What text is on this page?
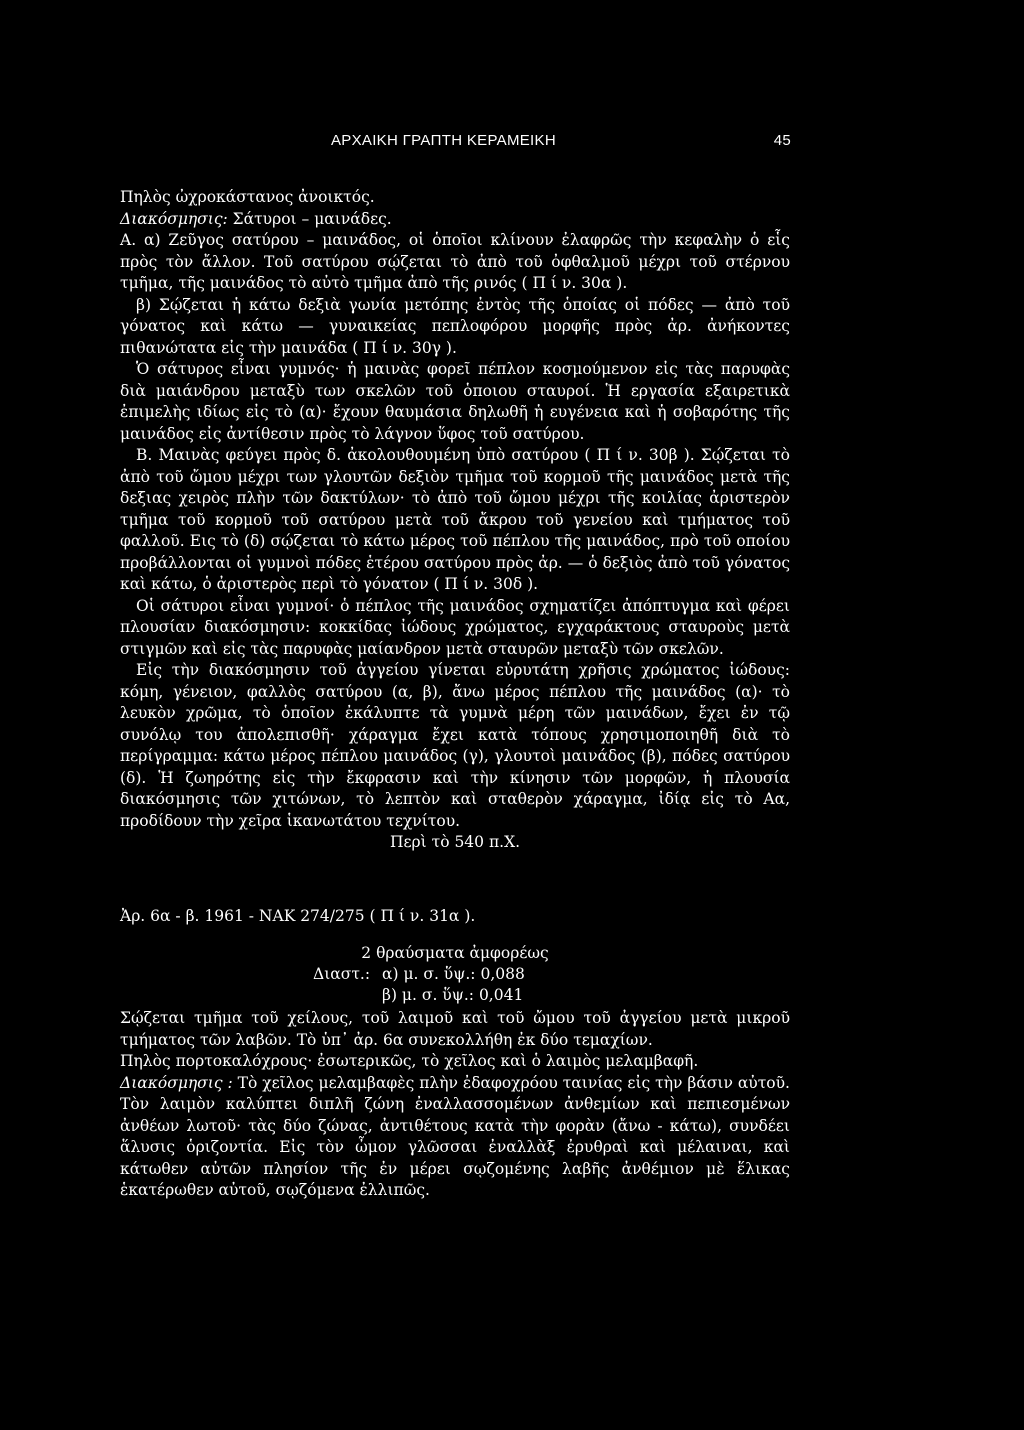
ΑΡΧΑΙΚΗ ΓΡΑΠΤΗ ΚΕΡΑΜΕΙΚΗ	45

Πηλὸς ὠχροκάστανος ἀνοικτός.

Διακόσμησις: Σάτυροι – μαινάδες.

Α. α) Ζεῦγος σατύρου – μαινάδος, οἱ ὁποῖοι κλίνουν ἐλαφρῶς τὴν κεφαλὴν ὁ εἷς πρὸς τὸν ἄλλον. Τοῦ σατύρου σῴζεται τὸ ἀπὸ τοῦ ὀφθαλμοῦ μέχρι τοῦ στέρνου τμῆμα, τῆς μαινάδος τὸ αὐτὸ τμῆμα ἀπὸ τῆς ρινός ( Π ί ν. 30α ).

β) Σῴζεται ἡ κάτω δεξιὰ γωνία μετόπης ἐντὸς τῆς ὁποίας οἱ πόδες — ἀπὸ τοῦ γόνατος καὶ κάτω — γυναικείας πεπλοφόρου μορφῆς πρὸς ἀρ. ἀνήκοντες πιθανώτατα εἰς τὴν μαινάδα ( Π ί ν. 30γ ).

Ὁ σάτυρος εἶναι γυμνός· ἡ μαινὰς φορεῖ πέπλον κοσμούμενον εἰς τὰς παρυφὰς διὰ μαιάνδρου μεταξὺ των σκελῶν τοῦ ὁποιου σταυροί. Ἡ εργασία εξαιρετικὰ ἐπιμελὴς ιδίως εἰς τὸ (α)· ἔχουν θαυμάσια δηλωθῆ ἡ ευγένεια καὶ ἡ σοβαρότης τῆς μαινάδος εἰς ἀντίθεσιν πρὸς τὸ λάγνον ὕφος τοῦ σατύρου.

Β. Μαινὰς φεύγει πρὸς δ. ἀκολουθουμένη ὑπὸ σατύρου ( Π ί ν. 30β ). Σῴζεται τὸ ἀπὸ τοῦ ὤμου μέχρι των γλουτῶν δεξιὸν τμῆμα τοῦ κορμοῦ τῆς μαινάδος μετὰ τῆς δεξιας χειρὸς πλὴν τῶν δακτύλων· τὸ ἀπὸ τοῦ ὤμου μέχρι τῆς κοιλίας ἀριστερὸν τμῆμα τοῦ κορμοῦ τοῦ σατύρου μετὰ τοῦ ἄκρου τοῦ γενείου καὶ τμήματος τοῦ φαλλοῦ. Εις τὸ (δ) σῴζεται τὸ κάτω μέρος τοῦ πέπλου τῆς μαινάδος, πρὸ τοῦ οποίου προβάλλονται οἱ γυμνοὶ πόδες ἑτέρου σατύρου πρὸς ἀρ. — ὁ δεξιὸς ἀπὸ τοῦ γόνατος καὶ κάτω, ὁ ἀριστερὸς περὶ τὸ γόνατον ( Π ί ν. 30δ ).

Οἱ σάτυροι εἶναι γυμνοί· ὁ πέπλος τῆς μαινάδος σχηματίζει ἀπόπτυγμα καὶ φέρει πλουσίαν διακόσμησιν: κοκκίδας ἰώδους χρώματος, εγχαράκτους σταυροὺς μετὰ στιγμῶν καὶ εἰς τὰς παρυφὰς μαίανδρον μετὰ σταυρῶν μεταξὺ τῶν σκελῶν.

Εἰς τὴν διακόσμησιν τοῦ ἀγγείου γίνεται εὐρυτάτη χρῆσις χρώματος ἰώδους: κόμη, γένειον, φαλλὸς σατύρου (α, β), ἄνω μέρος πέπλου τῆς μαινάδος (α)· τὸ λευκὸν χρῶμα, τὸ ὁποῖον ἐκάλυπτε τὰ γυμνὰ μέρη τῶν μαινάδων, ἔχει ἐν τῷ συνόλῳ του ἀπολεπισθῆ· χάραγμα ἔχει κατὰ τόπους χρησιμοποιηθῆ διὰ τὸ περίγραμμα: κάτω μέρος πέπλου μαινάδος (γ), γλουτοὶ μαινάδος (β), πόδες σατύρου (δ). Ἡ ζωηρότης εἰς τὴν ἔκφρασιν καὶ τὴν κίνησιν τῶν μορφῶν, ἡ πλουσία διακόσμησις τῶν χιτώνων, τὸ λεπτὸν καὶ σταθερὸν χάραγμα, ἰδίᾳ εἰς τὸ Αα, προδίδουν τὴν χεῖρα ἱκανωτάτου τεχνίτου.

Περὶ τὸ 540 π.Χ.

Ἀρ. 6α - β. 1961 - ΝΑΚ 274/275 ( Π ί ν. 31α ).

2 θραύσματα ἀμφορέως

Διαστ.: α) μ. σ. ὕψ.: 0,088
β) μ. σ. ὕψ.: 0,041

Σῴζεται τμῆμα τοῦ χείλους, τοῦ λαιμοῦ καὶ τοῦ ὤμου τοῦ ἀγγείου μετὰ μικροῦ τμήματος τῶν λαβῶν. Τὸ ὑπ᾽ ἀρ. 6α συνεκολλήθη ἐκ δύο τεμαχίων.

Πηλὸς πορτοκαλόχρους· ἐσωτερικῶς, τὸ χεῖλος καὶ ὁ λαιμὸς μελαμβαφῆ.

Διακόσμησις : Τὸ χεῖλος μελαμβαφὲς πλὴν ἐδαφοχρόου ταινίας εἰς τὴν βάσιν αὐτοῦ. Τὸν λαιμὸν καλύπτει διπλῆ ζώνη ἐναλλασσομένων ἀνθεμίων καὶ πεπιεσμένων ἀνθέων λωτοῦ· τὰς δύο ζώνας, ἀντιθέτους κατὰ τὴν φορὰν (ἄνω - κάτω), συνδέει ἅλυσις ὁριζοντία. Εἰς τὸν ὦμον γλῶσσαι ἐναλλὰξ ἐρυθραὶ καὶ μέλαιναι, καὶ κάτωθεν αὐτῶν πλησίον τῆς ἐν μέρει σῳζομένης λαβῆς ἀνθέμιον μὲ ἕλικας ἑκατέρωθεν αὐτοῦ, σῳζόμενα ἐλλιπῶς.
